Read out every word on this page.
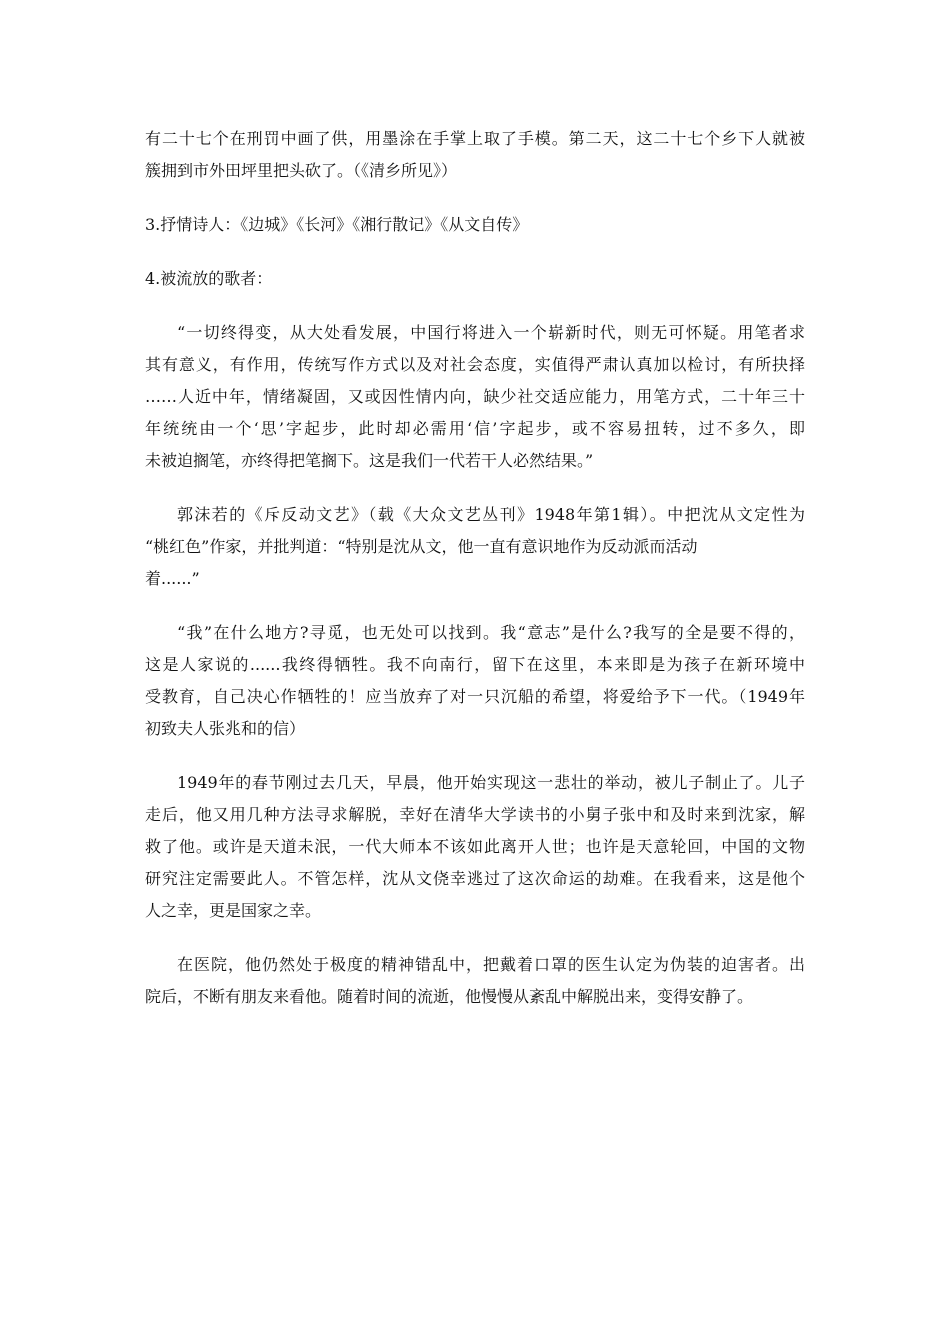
有二十七个在刑罚中画了供，用墨涂在手掌上取了手模。第二天，这二十七个乡下人就被
簇拥到市外田坪里把头砍了。（《清乡所见》）
3.抒情诗人：《边城》《长河》《湘行散记》《从文自传》
4.被流放的歌者：
“一切终得变，从大处看发展，中国行将进入一个崭新时代，则无可怀疑。用笔者求
其有意义，有作用，传统写作方式以及对社会态度，实值得严肃认真加以检讨，有所抉择
……人近中年，情绪凝固，又或因性情内向，缺少社交适应能力，用笔方式，二十年三十
年统统由一个‘思’字起步，此时却必需用‘信’字起步，或不容易扭转，过不多久，即
未被迫搁笔，亦终得把笔搁下。这是我们一代若干人必然结果。”
郭沫若的《斥反动文艺》（载《大众文艺丛刊》1948年第1辑）。中把沈从文定性为
“桃红色”作家，并批判道：“特别是沈从文，他一直有意识地作为反动派而活动
着......”
“我”在什么地方?寻觅，也无处可以找到。我“意志”是什么?我写的全是要不得的，
这是人家说的......我终得牺牲。我不向南行，留下在这里，本来即是为孩子在新环境中
受教育，自己决心作牺牲的！应当放弃了对一只沉船的希望，将爱给予下一代。（1949年
初致夫人张兆和的信）
1949年的春节刚过去几天，早晨，他开始实现这一悲壮的举动，被儿子制止了。儿子
走后，他又用几种方法寻求解脱，幸好在清华大学读书的小舅子张中和及时来到沈家，解
救了他。或许是天道未泯，一代大师本不该如此离开人世；也许是天意轮回，中国的文物
研究注定需要此人。不管怎样，沈从文侥幸逃过了这次命运的劫难。在我看来，这是他个
人之幸，更是国家之幸。
在医院，他仍然处于极度的精神错乱中，把戴着口罩的医生认定为伪装的迫害者。出
院后，不断有朋友来看他。随着时间的流逝，他慢慢从紊乱中解脱出来，变得安静了。
